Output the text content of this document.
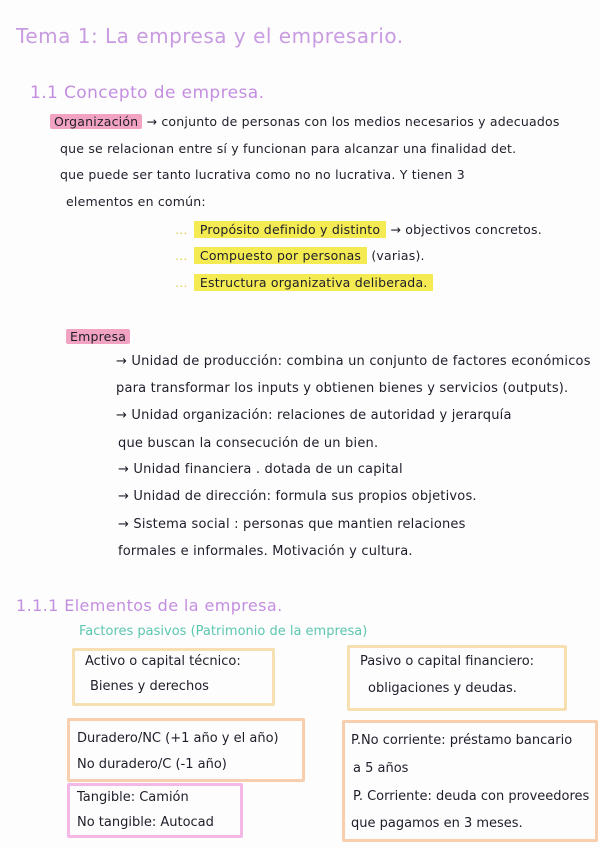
Tema 1: La empresa y el empresario.
1.1 Concepto de empresa.
Organización → conjunto de personas con los medios necesarios y adecuados
que se relacionan entre sí y funcionan para alcanzar una finalidad det.
que puede ser tanto lucrativa como no no lucrativa. Y tienen 3
elementos en común:
… Propósito definido y distinto → objectivos concretos.
… Compuesto por personas (varias).
… Estructura organizativa deliberada.
Empresa
→ Unidad de producción: combina un conjunto de factores económicos
para transformar los inputs y obtienen bienes y servicios (outputs).
→ Unidad organización: relaciones de autoridad y jerarquía
que buscan la consecución de un bien.
→ Unidad financiera . dotada de un capital
→ Unidad de dirección: formula sus propios objetivos.
→ Sistema social : personas que mantien relaciones
formales e informales. Motivación y cultura.
1.1.1 Elementos de la empresa.
Factores pasivos (Patrimonio de la empresa)
Activo o capital técnico:
Bienes y derechos
Pasivo o capital financiero:
obligaciones y deudas.
Duradero/NC (+1 año y el año)
No duradero/C (-1 año)
Tangible: Camión
No tangible: Autocad
P.No corriente: préstamo bancario
a 5 años
P. Corriente: deuda con proveedores
que pagamos en 3 meses.
